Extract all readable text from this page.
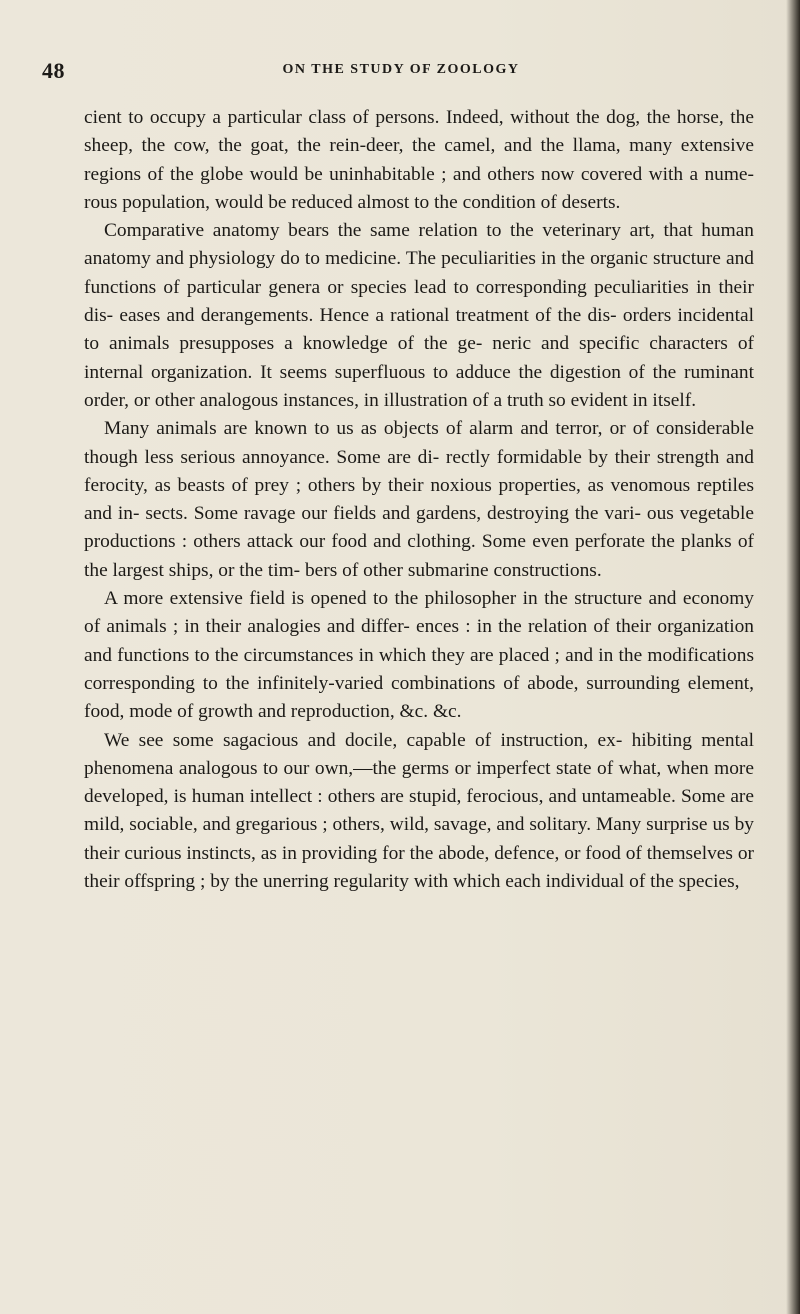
48	ON THE STUDY OF ZOOLOGY

cient to occupy a particular class of persons. Indeed, without the dog, the horse, the sheep, the cow, the goat, the rein-deer, the camel, and the llama, many extensive regions of the globe would be uninhabitable ; and others now covered with a nume- rous population, would be reduced almost to the condition of deserts.

Comparative anatomy bears the same relation to the veterinary art, that human anatomy and physiology do to medicine. The peculiarities in the organic structure and functions of particular genera or species lead to corresponding peculiarities in their dis- eases and derangements. Hence a rational treatment of the dis- orders incidental to animals presupposes a knowledge of the ge- neric and specific characters of internal organization. It seems superfluous to adduce the digestion of the ruminant order, or other analogous instances, in illustration of a truth so evident in itself.

Many animals are known to us as objects of alarm and terror, or of considerable though less serious annoyance. Some are di- rectly formidable by their strength and ferocity, as beasts of prey ; others by their noxious properties, as venomous reptiles and in- sects. Some ravage our fields and gardens, destroying the vari- ous vegetable productions : others attack our food and clothing. Some even perforate the planks of the largest ships, or the tim- bers of other submarine constructions.

A more extensive field is opened to the philosopher in the structure and economy of animals ; in their analogies and differ- ences : in the relation of their organization and functions to the circumstances in which they are placed ; and in the modifications corresponding to the infinitely-varied combinations of abode, surrounding element, food, mode of growth and reproduction, &c. &c.

We see some sagacious and docile, capable of instruction, ex- hibiting mental phenomena analogous to our own,—the germs or imperfect state of what, when more developed, is human intellect : others are stupid, ferocious, and untameable. Some are mild, sociable, and gregarious ; others, wild, savage, and solitary. Many surprise us by their curious instincts, as in providing for the abode, defence, or food of themselves or their offspring ; by the unerring regularity with which each individual of the species,
